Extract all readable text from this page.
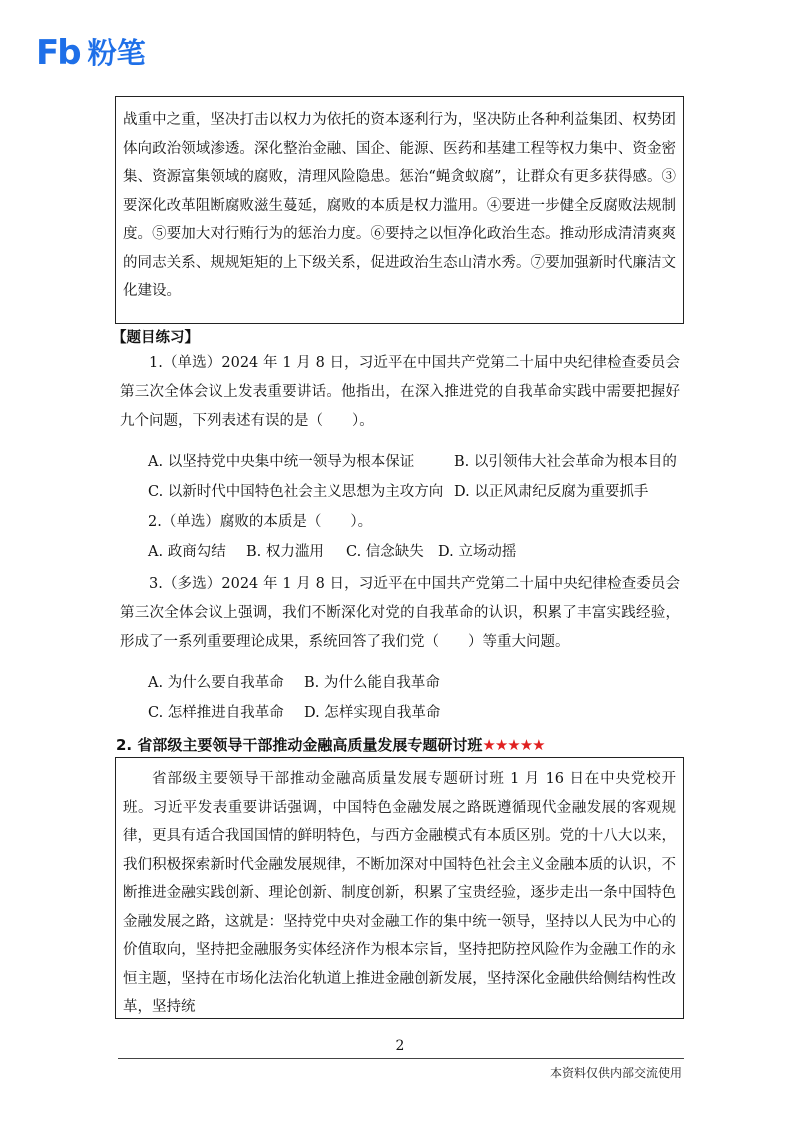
Fb 粉笔

战重中之重，坚决打击以权力为依托的资本逐利行为，坚决防止各种利益集团、权势团体向政治领域渗透。深化整治金融、国企、能源、医药和基建工程等权力集中、资金密集、资源富集领域的腐败，清理风险隐患。惩治“蝇贪蚁腐”，让群众有更多获得感。③要深化改革阻断腐败滋生蔓延，腐败的本质是权力滥用。④要进一步健全反腐败法规制度。⑤要加大对行贿行为的惩治力度。⑥要持之以恒净化政治生态。推动形成清清爽爽的同志关系、规规矩矩的上下级关系，促进政治生态山清水秀。⑦要加强新时代廉洁文化建设。

【题目练习】

1.（单选）2024 年 1 月 8 日，习近平在中国共产党第二十届中央纪律检查委员会第三次全体会议上发表重要讲话。他指出，在深入推进党的自我革命实践中需要把握好九个问题，下列表述有误的是（　　）。

A. 以坚持党中央集中统一领导为根本保证	B. 以引领伟大社会革命为根本目的
C. 以新时代中国特色社会主义思想为主攻方向 D. 以正风肃纪反腐为重要抓手
2.（单选）腐败的本质是（　　）。
A. 政商勾结 B. 权力滥用 C. 信念缺失 D. 立场动摇

3.（多选）2024 年 1 月 8 日，习近平在中国共产党第二十届中央纪律检查委员会第三次全体会议上强调，我们不断深化对党的自我革命的认识，积累了丰富实践经验，形成了一系列重要理论成果，系统回答了我们党（　　）等重大问题。

A. 为什么要自我革命 B. 为什么能自我革命
C. 怎样推进自我革命 D. 怎样实现自我革命
2. 省部级主要领导干部推动金融高质量发展专题研讨班★★★★★

省部级主要领导干部推动金融高质量发展专题研讨班 1 月 16 日在中央党校开班。习近平发表重要讲话强调，中国特色金融发展之路既遵循现代金融发展的客观规律，更具有适合我国国情的鲜明特色，与西方金融模式有本质区别。党的十八大以来，我们积极探索新时代金融发展规律，不断加深对中国特色社会主义金融本质的认识，不断推进金融实践创新、理论创新、制度创新，积累了宝贵经验，逐步走出一条中国特色金融发展之路，这就是：坚持党中央对金融工作的集中统一领导，坚持以人民为中心的价值取向，坚持把金融服务实体经济作为根本宗旨，坚持把防控风险作为金融工作的永恒主题，坚持在市场化法治化轨道上推进金融创新发展，坚持深化金融供给侧结构性改革，坚持统

2
本资料仅供内部交流使用
